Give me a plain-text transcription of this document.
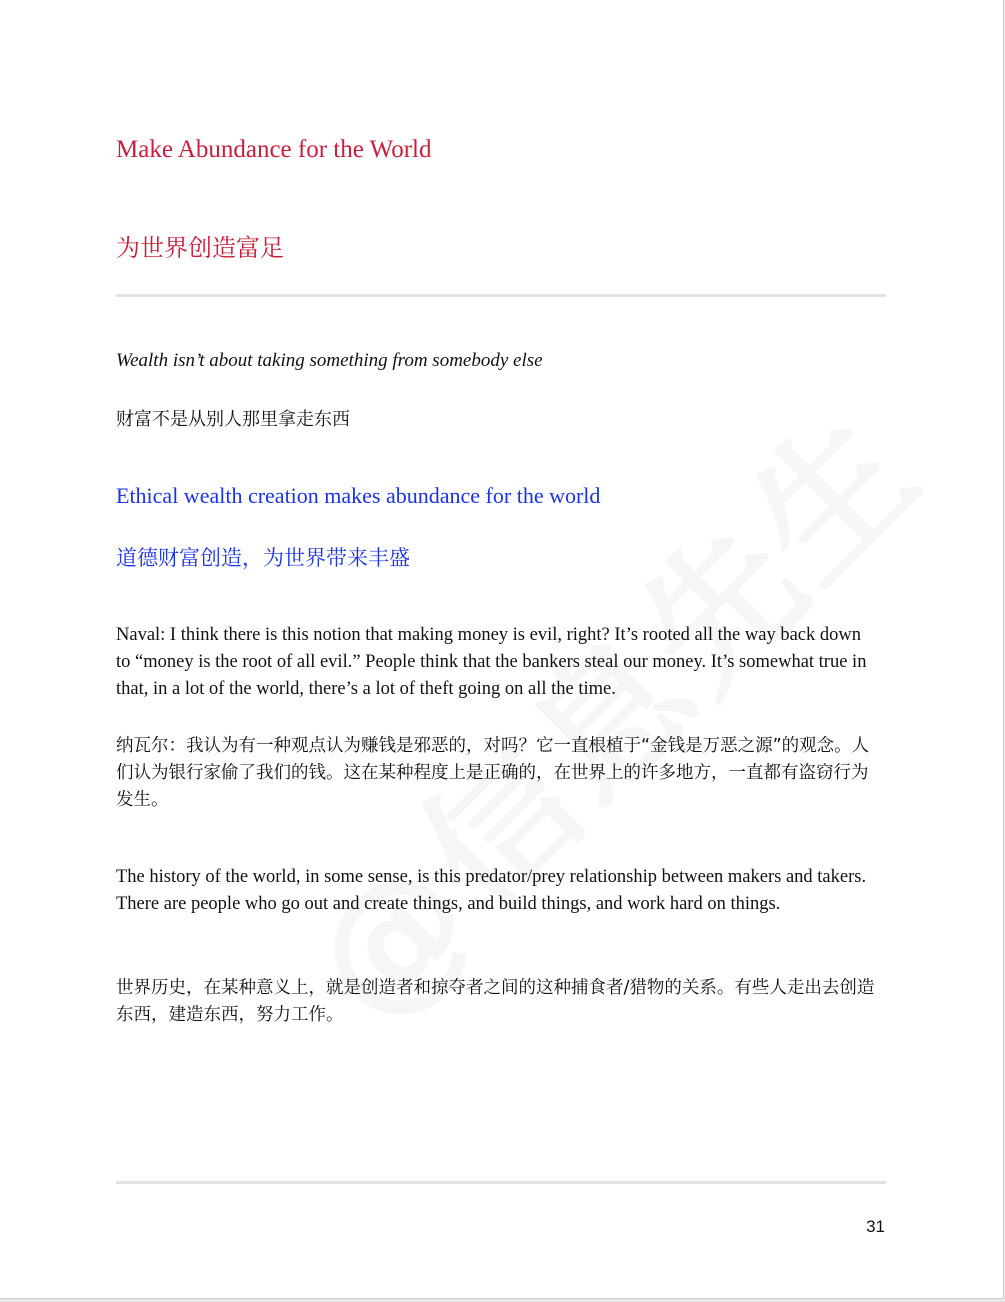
Make Abundance for the World
为世界创造富足

Wealth isn’t about taking something from somebody else

财富不是从别人那里拿走东西

Ethical wealth creation makes abundance for the world
道德财富创造，为世界带来丰盛

Naval: I think there is this notion that making money is evil, right? It’s rooted all the way back down to “money is the root of all evil.” People think that the bankers steal our money. It’s somewhat true in that, in a lot of the world, there’s a lot of theft going on all the time.

纳瓦尔：我认为有一种观点认为赚钱是邪恶的，对吗？它一直根植于“金钱是万恶之源”的观念。人们认为银行家偷了我们的钱。这在某种程度上是正确的，在世界上的许多地方，一直都有盗窃行为发生。

The history of the world, in some sense, is this predator/prey relationship between makers and takers. There are people who go out and create things, and build things, and work hard on things.

世界历史，在某种意义上，就是创造者和掠夺者之间的这种捕食者/猎物的关系。有些人走出去创造东西，建造东西，努力工作。

31
